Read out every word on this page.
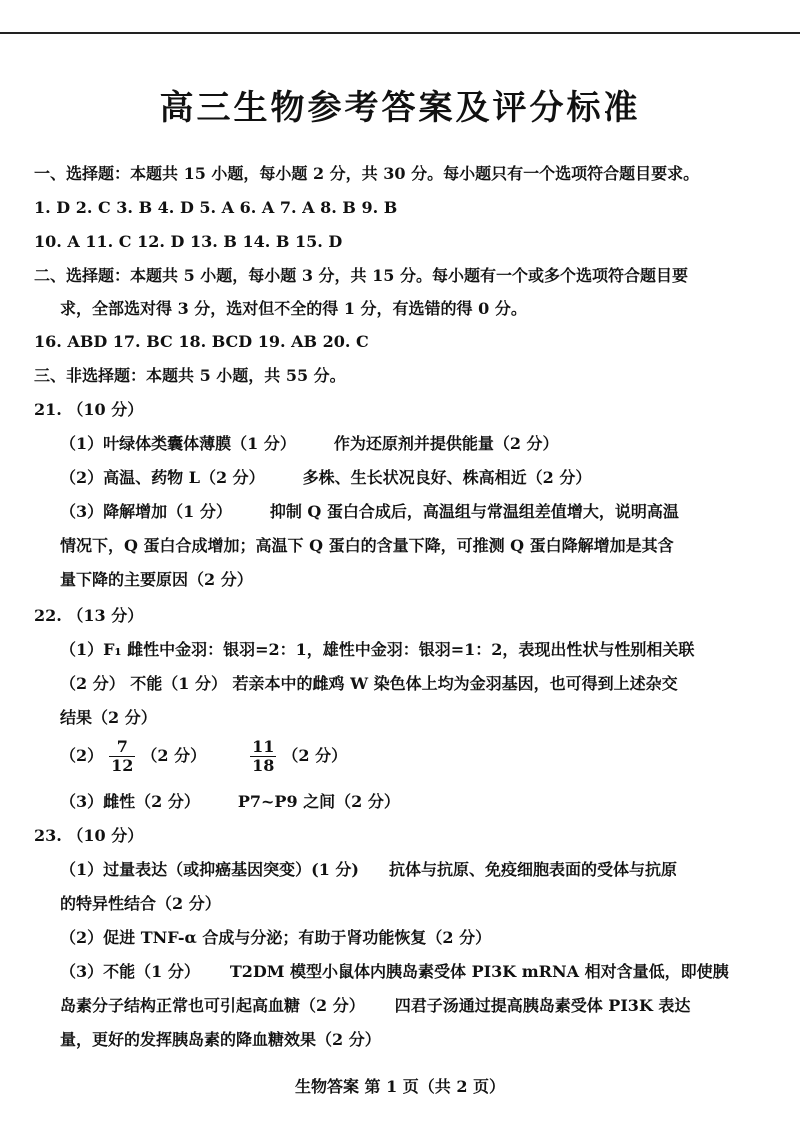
高三生物参考答案及评分标准
一、选择题：本题共 15 小题，每小题 2 分，共 30 分。每小题只有一个选项符合题目要求。
1. D 2. C 3. B 4. D 5. A 6. A 7. A 8. B 9. B
10. A 11. C 12. D 13. B 14. B 15. D
二、选择题：本题共 5 小题，每小题 3 分，共 15 分。每小题有一个或多个选项符合题目要
求，全部选对得 3 分，选对但不全的得 1 分，有选错的得 0 分。
16. ABD 17. BC 18. BCD 19. AB 20. C
三、非选择题：本题共 5 小题，共 55 分。
21. （10 分）
（1）叶绿体类囊体薄膜（1 分） 作为还原剂并提供能量（2 分）
（2）高温、药物 L（2 分） 多株、生长状况良好、株高相近（2 分）
（3）降解增加（1 分） 抑制 Q 蛋白合成后，高温组与常温组差值增大，说明高温
情况下，Q 蛋白合成增加；高温下 Q 蛋白的含量下降，可推测 Q 蛋白降解增加是其含
量下降的主要原因（2 分）
22. （13 分）
（1）F₁ 雌性中金羽：银羽=2：1，雄性中金羽：银羽=1：2，表现出性状与性别相关联
（2 分） 不能（1 分） 若亲本中的雌鸡 W 染色体上均为金羽基因，也可得到上述杂交
结果（2 分）
$(2) \frac{7}{12} (2$ 分）	$\frac{11}{18} (2$ 分）
（3）雌性（2 分） P7~P9 之间（2 分）
23. （10 分）
（1）过量表达（或抑癌基因突变）(1 分) 抗体与抗原、免疫细胞表面的受体与抗原
的特异性结合（2 分）
（2）促进 TNF-α 合成与分泌；有助于肾功能恢复（2 分）
（3）不能（1 分） T2DM 模型小鼠体内胰岛素受体 PI3K mRNA 相对含量低，即使胰
岛素分子结构正常也可引起高血糖（2 分） 四君子汤通过提高胰岛素受体 PI3K 表达
量，更好的发挥胰岛素的降血糖效果（2 分）
生物答案 第 1 页（共 2 页）
